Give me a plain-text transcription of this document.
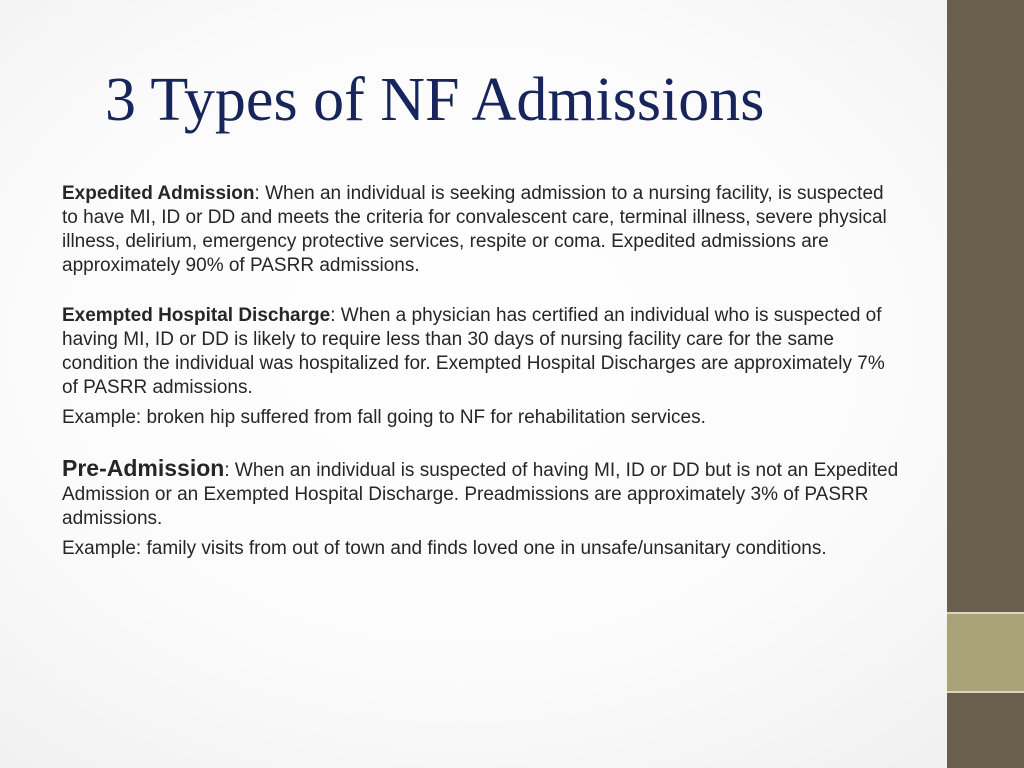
3 Types of NF Admissions

Expedited Admission: When an individual is seeking admission to a nursing facility, is suspected to have MI, ID or DD and meets the criteria for convalescent care, terminal illness, severe physical illness, delirium, emergency protective services, respite or coma. Expedited admissions are approximately 90% of PASRR admissions.

Exempted Hospital Discharge: When a physician has certified an individual who is suspected of having MI, ID or DD is likely to require less than 30 days of nursing facility care for the same condition the individual was hospitalized for. Exempted Hospital Discharges are approximately 7% of PASRR admissions.

Example: broken hip suffered from fall going to NF for rehabilitation services.

Pre-Admission: When an individual is suspected of having MI, ID or DD but is not an Expedited Admission or an Exempted Hospital Discharge. Preadmissions are approximately 3% of PASRR admissions.

Example: family visits from out of town and finds loved one in unsafe/unsanitary conditions.
